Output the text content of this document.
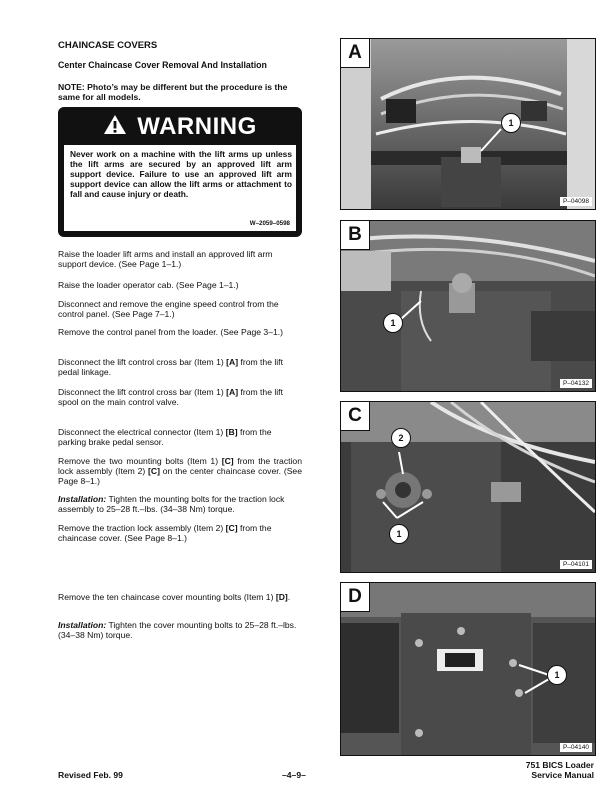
CHAINCASE COVERS
Center Chaincase Cover Removal And Installation
NOTE: Photo’s may be different but the procedure is the same for all models.
WARNING
Never work on a machine with the lift arms up unless the lift arms are secured by an approved lift arm support device. Failure to use an approved lift arm support device can allow the lift arms or attachment to fall and cause injury or death.
W–2059–0598
Raise the loader lift arms and install an approved lift arm support device. (See Page 1–1.)
Raise the loader operator cab. (See Page 1–1.)
Disconnect and remove the engine speed control from the control panel. (See Page 7–1.)
Remove the control panel from the loader. (See Page 3–1.)
Disconnect the lift control cross bar (Item 1) [A] from the lift pedal linkage.
Disconnect the lift control cross bar (Item 1) [A] from the lift spool on the main control valve.
Disconnect the electrical connector (Item 1) [B] from the parking brake pedal sensor.
Remove the two mounting bolts (Item 1) [C] from the traction lock assembly (Item 2) [C] on the center chaincase cover. (See Page 8–1.)
Installation: Tighten the mounting bolts for the traction lock assembly to 25–28 ft.–lbs. (34–38 Nm) torque.
Remove the traction lock assembly (Item 2) [C] from the chaincase cover. (See Page 8–1.)
Remove the ten chaincase cover mounting bolts (Item 1) [D].
Installation: Tighten the cover mounting bolts to 25–28 ft.–lbs. (34–38 Nm) torque.
A
1
P–04098
B
1
P–04132
C
2
1
P–04101
D
1
P–04140
Revised Feb. 99	–4–9–
751 BICS Loader
Service Manual
